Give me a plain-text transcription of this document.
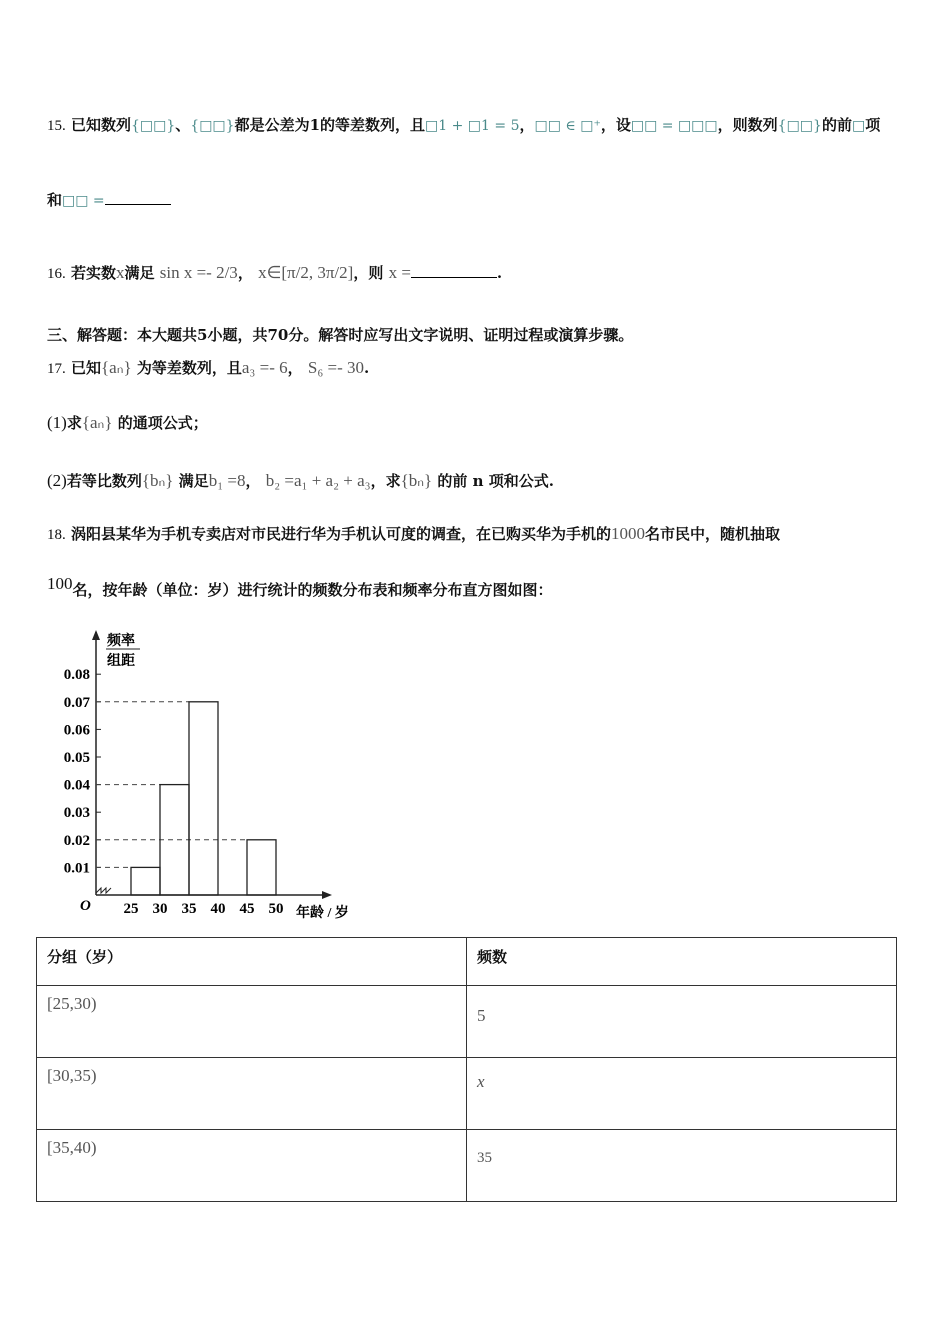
15. 已知数列{□□}、{□□}都是公差为1的等差数列，且□1 + □1 = 5，□□ ∈ □⁺，设□□ = □□□，则数列{□□}的前□项
和□□ =
16. 若实数x满足 sin x =- 2/3， x∈[π/2, 3π/2]，则 x =	.
三、解答题：本大题共5小题，共70分。解答时应写出文字说明、证明过程或演算步骤。
17. 已知{aₙ} 为等差数列，且a₃ =- 6， S₆ =- 30.
(1)求{aₙ} 的通项公式；
(2)若等比数列{bₙ} 满足b₁ =8， b₂ =a₁ + a₂ + a₃，求{bₙ} 的前 n 项和公式.
18. 涡阳县某华为手机专卖店对市民进行华为手机认可度的调查，在已购买华为手机的1000名市民中，随机抽取
100名，按年龄（单位：岁）进行统计的频数分布表和频率分布直方图如图：
频率
组距
0.01
0.02
0.03
0.04
0.05
0.06
0.07
0.08
25 30 35 40 45 50
O	年龄 / 岁
分组（岁）	频数
[25,30)	5
[30,35)	x
[35,40)	35
